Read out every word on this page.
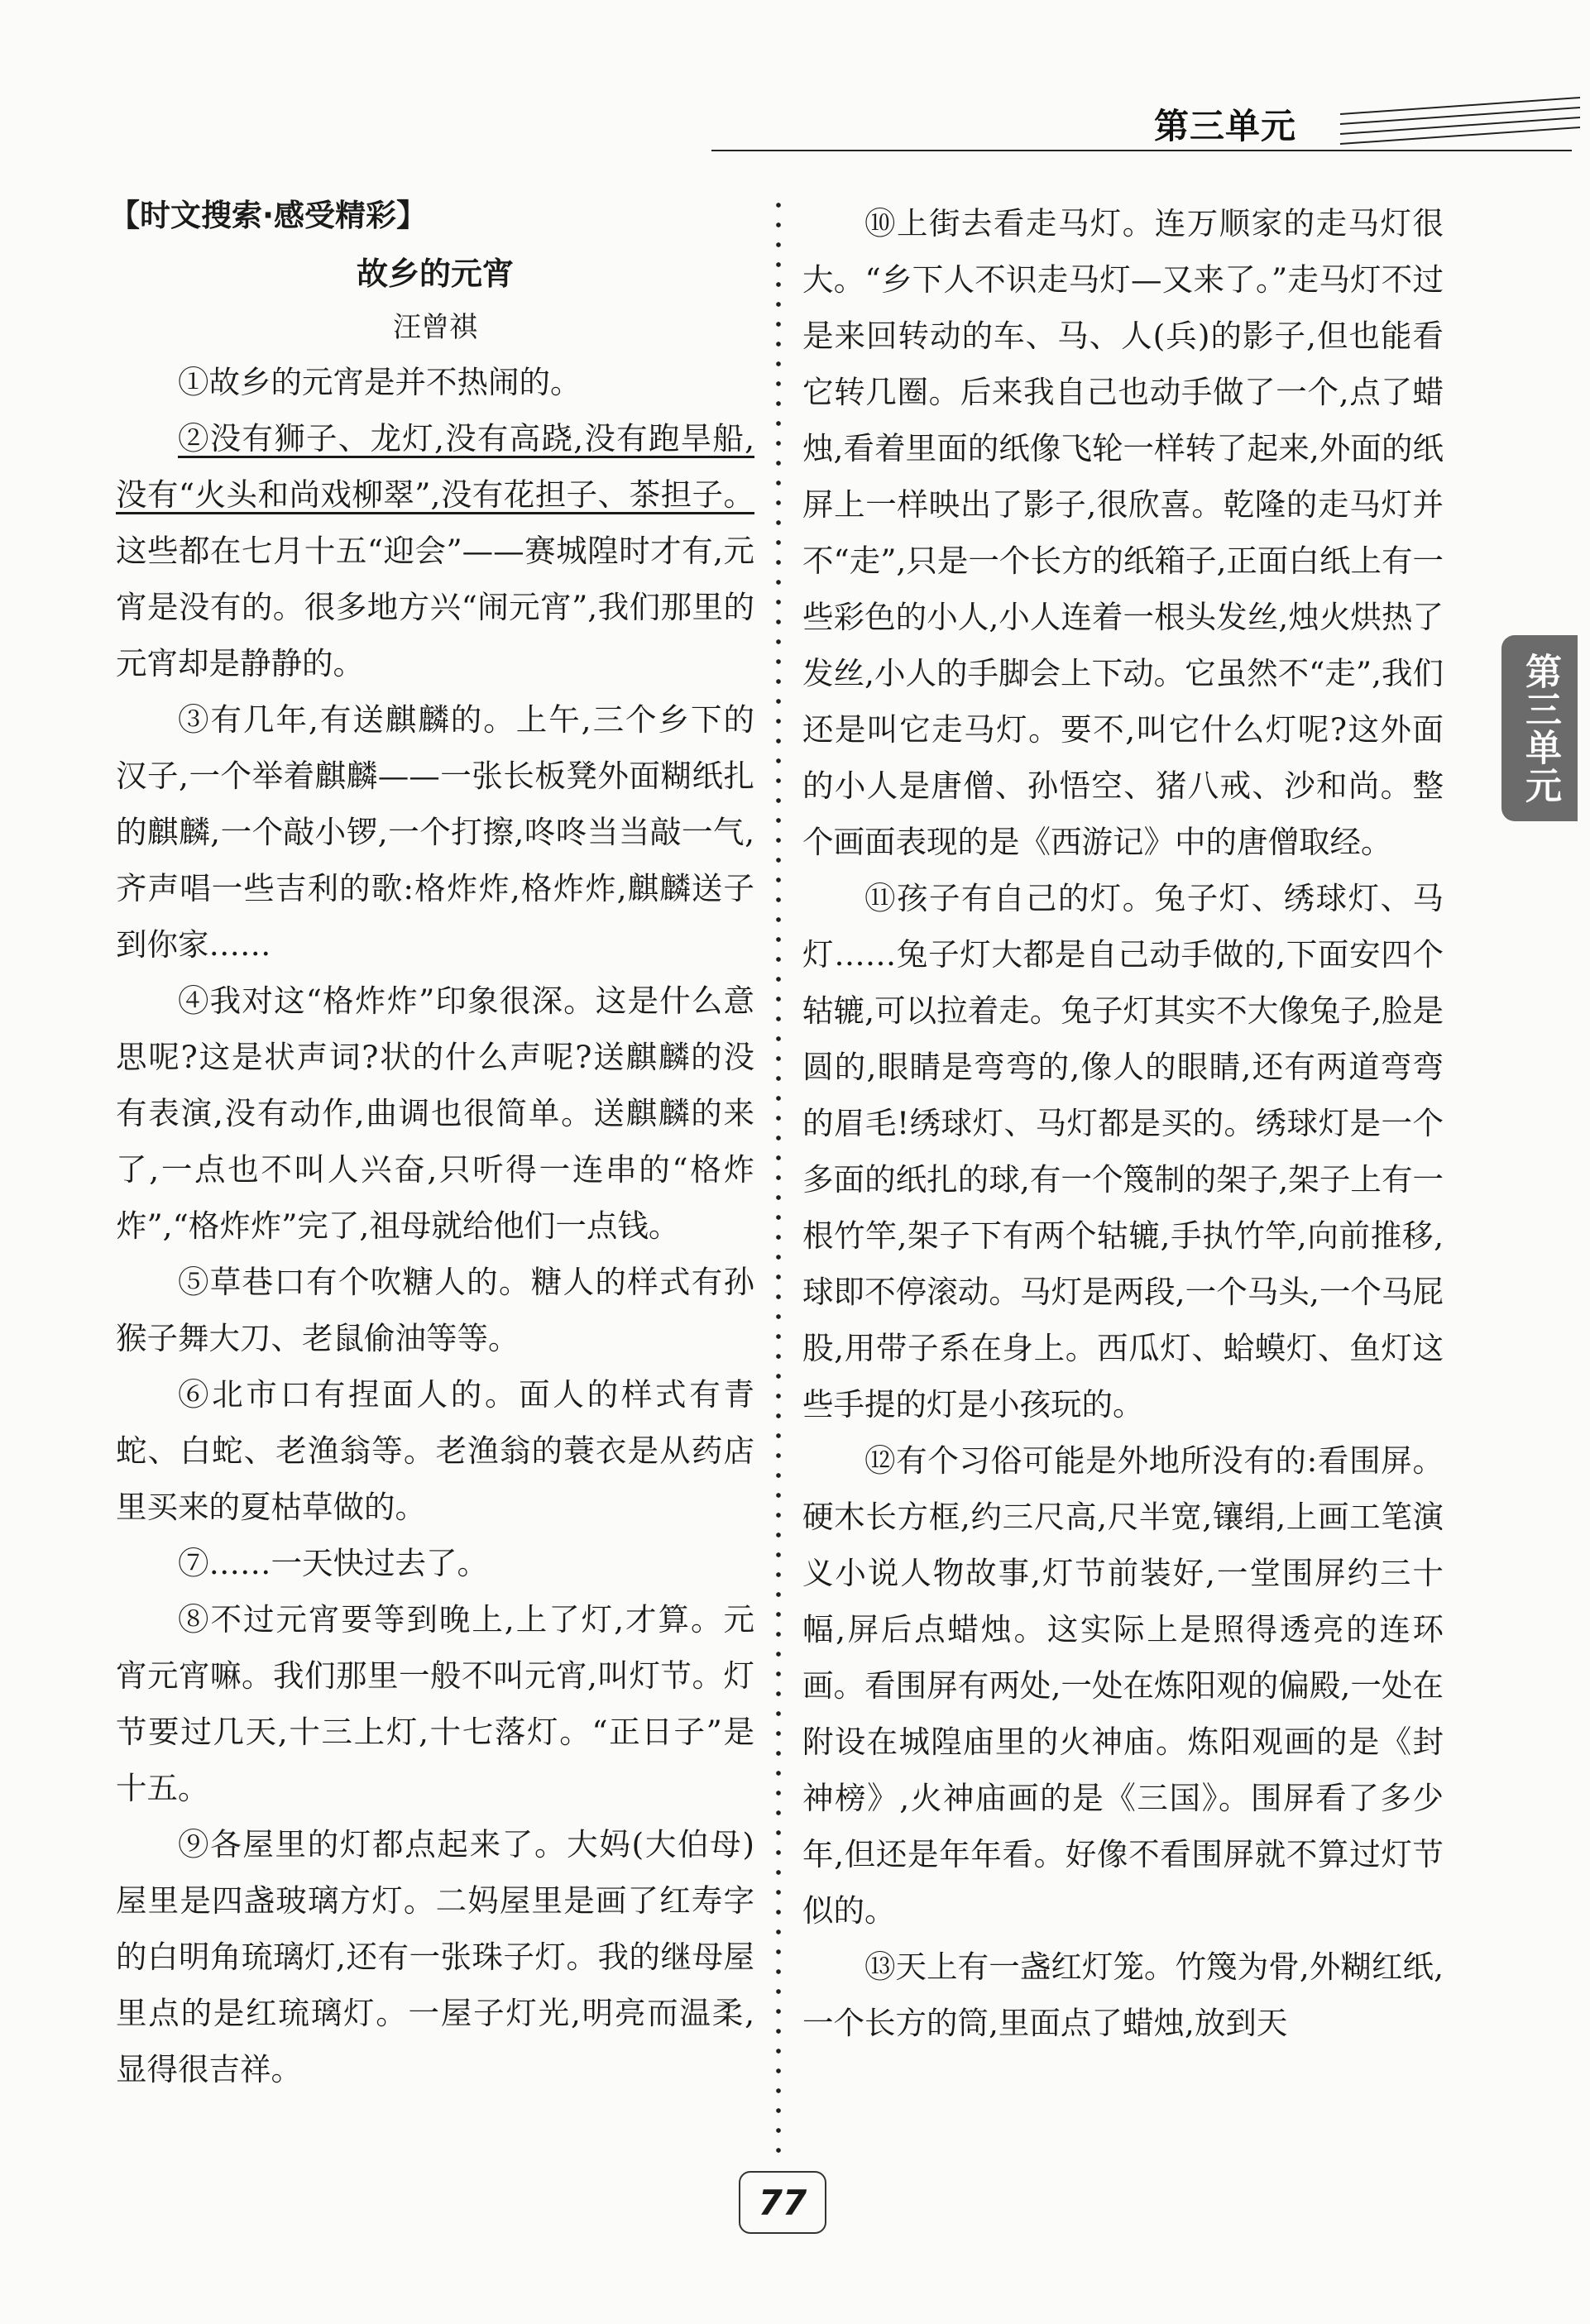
第三单元
第三单元
【时文搜索·感受精彩】
故乡的元宵
汪曾祺

①故乡的元宵是并不热闹的。

②没有狮子、龙灯,没有高跷,没有跑旱船,没有“火头和尚戏柳翠”,没有花担子、茶担子。这些都在七月十五“迎会”——赛城隍时才有,元宵是没有的。很多地方兴“闹元宵”,我们那里的元宵却是静静的。

③有几年,有送麒麟的。上午,三个乡下的汉子,一个举着麒麟——一张长板凳外面糊纸扎的麒麟,一个敲小锣,一个打擦,咚咚当当敲一气,齐声唱一些吉利的歌:格炸炸,格炸炸,麒麟送子到你家……

④我对这“格炸炸”印象很深。这是什么意思呢?这是状声词?状的什么声呢?送麒麟的没有表演,没有动作,曲调也很简单。送麒麟的来了,一点也不叫人兴奋,只听得一连串的“格炸炸”,“格炸炸”完了,祖母就给他们一点钱。

⑤草巷口有个吹糖人的。糖人的样式有孙猴子舞大刀、老鼠偷油等等。

⑥北市口有捏面人的。面人的样式有青蛇、白蛇、老渔翁等。老渔翁的蓑衣是从药店里买来的夏枯草做的。

⑦……一天快过去了。

⑧不过元宵要等到晚上,上了灯,才算。元宵元宵嘛。我们那里一般不叫元宵,叫灯节。灯节要过几天,十三上灯,十七落灯。“正日子”是十五。

⑨各屋里的灯都点起来了。大妈(大伯母)屋里是四盏玻璃方灯。二妈屋里是画了红寿字的白明角琉璃灯,还有一张珠子灯。我的继母屋里点的是红琉璃灯。一屋子灯光,明亮而温柔,显得很吉祥。

⑩上街去看走马灯。连万顺家的走马灯很大。“乡下人不识走马灯—又来了。”走马灯不过是来回转动的车、马、人(兵)的影子,但也能看它转几圈。后来我自己也动手做了一个,点了蜡烛,看着里面的纸像飞轮一样转了起来,外面的纸屏上一样映出了影子,很欣喜。乾隆的走马灯并不“走”,只是一个长方的纸箱子,正面白纸上有一些彩色的小人,小人连着一根头发丝,烛火烘热了发丝,小人的手脚会上下动。它虽然不“走”,我们还是叫它走马灯。要不,叫它什么灯呢?这外面的小人是唐僧、孙悟空、猪八戒、沙和尚。整个画面表现的是《西游记》中的唐僧取经。

⑪孩子有自己的灯。兔子灯、绣球灯、马灯……兔子灯大都是自己动手做的,下面安四个轱辘,可以拉着走。兔子灯其实不大像兔子,脸是圆的,眼睛是弯弯的,像人的眼睛,还有两道弯弯的眉毛!绣球灯、马灯都是买的。绣球灯是一个多面的纸扎的球,有一个篾制的架子,架子上有一根竹竿,架子下有两个轱辘,手执竹竿,向前推移,球即不停滚动。马灯是两段,一个马头,一个马屁股,用带子系在身上。西瓜灯、蛤蟆灯、鱼灯这些手提的灯是小孩玩的。

⑫有个习俗可能是外地所没有的:看围屏。硬木长方框,约三尺高,尺半宽,镶绢,上画工笔演义小说人物故事,灯节前装好,一堂围屏约三十幅,屏后点蜡烛。这实际上是照得透亮的连环画。看围屏有两处,一处在炼阳观的偏殿,一处在附设在城隍庙里的火神庙。炼阳观画的是《封神榜》,火神庙画的是《三国》。围屏看了多少年,但还是年年看。好像不看围屏就不算过灯节似的。

⑬天上有一盏红灯笼。竹篾为骨,外糊红纸,一个长方的筒,里面点了蜡烛,放到天

77
